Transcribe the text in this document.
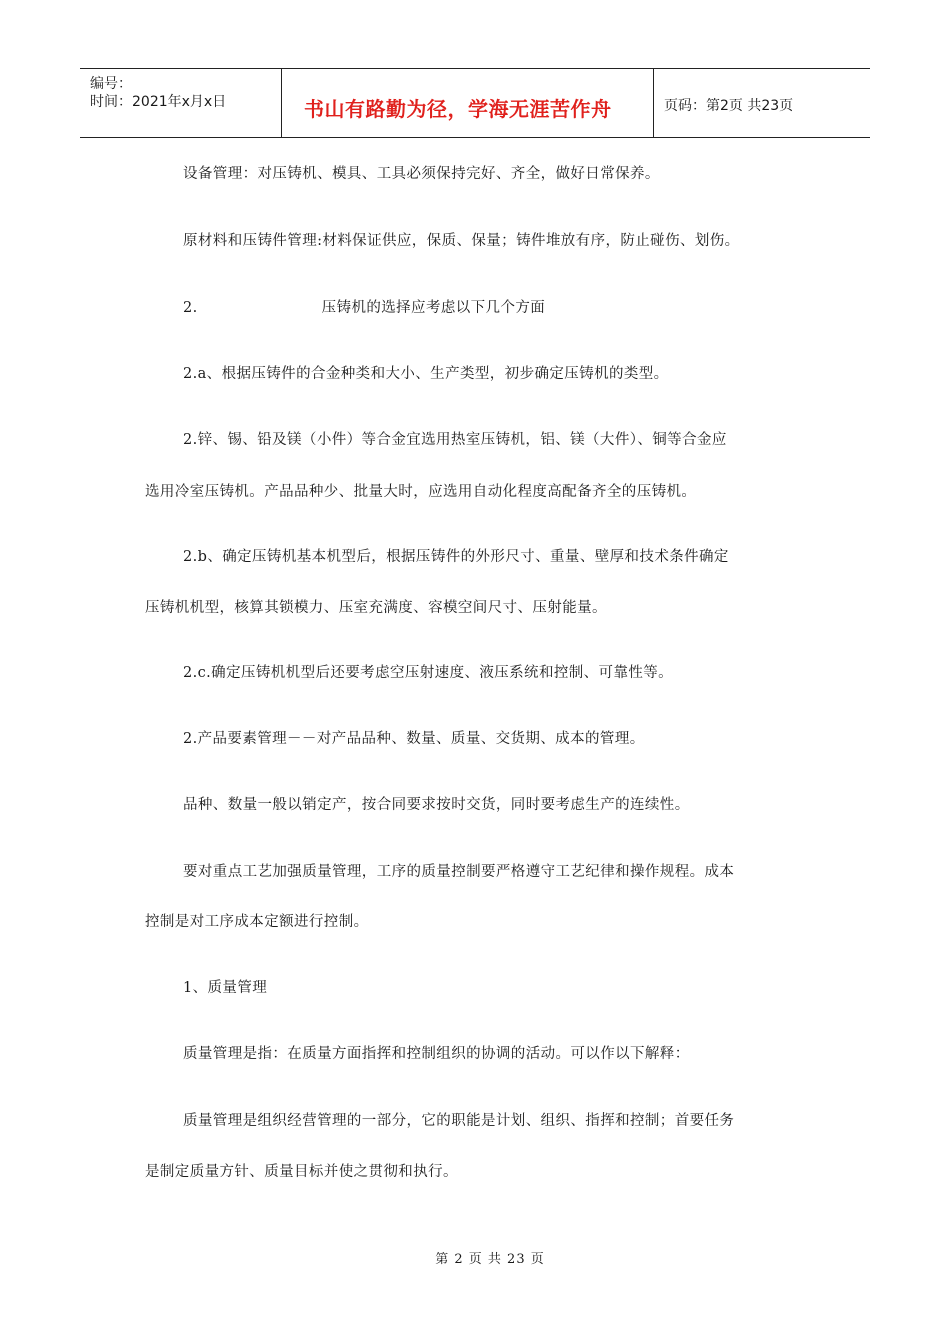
编号：
时间：2021年x月x日	书山有路勤为径，学海无涯苦作舟	页码：第2页 共23页
设备管理：对压铸机、模具、工具必须保持完好、齐全，做好日常保养。
原材料和压铸件管理:材料保证供应，保质、保量；铸件堆放有序，防止碰伤、划伤。
2.	压铸机的选择应考虑以下几个方面
2.a、根据压铸件的合金种类和大小、生产类型，初步确定压铸机的类型。
2.锌、锡、铅及镁（小件）等合金宜选用热室压铸机，铝、镁（大件）、铜等合金应
选用冷室压铸机。产品品种少、批量大时，应选用自动化程度高配备齐全的压铸机。
2.b、确定压铸机基本机型后，根据压铸件的外形尺寸、重量、壁厚和技术条件确定
压铸机机型，核算其锁模力、压室充满度、容模空间尺寸、压射能量。
2.c.确定压铸机机型后还要考虑空压射速度、液压系统和控制、可靠性等。
2.产品要素管理－－对产品品种、数量、质量、交货期、成本的管理。
品种、数量一般以销定产，按合同要求按时交货，同时要考虑生产的连续性。
要对重点工艺加强质量管理，工序的质量控制要严格遵守工艺纪律和操作规程。成本
控制是对工序成本定额进行控制。
1、质量管理
质量管理是指：在质量方面指挥和控制组织的协调的活动。可以作以下解释：
质量管理是组织经营管理的一部分，它的职能是计划、组织、指挥和控制；首要任务
是制定质量方针、质量目标并使之贯彻和执行。
第 2 页 共 23 页
